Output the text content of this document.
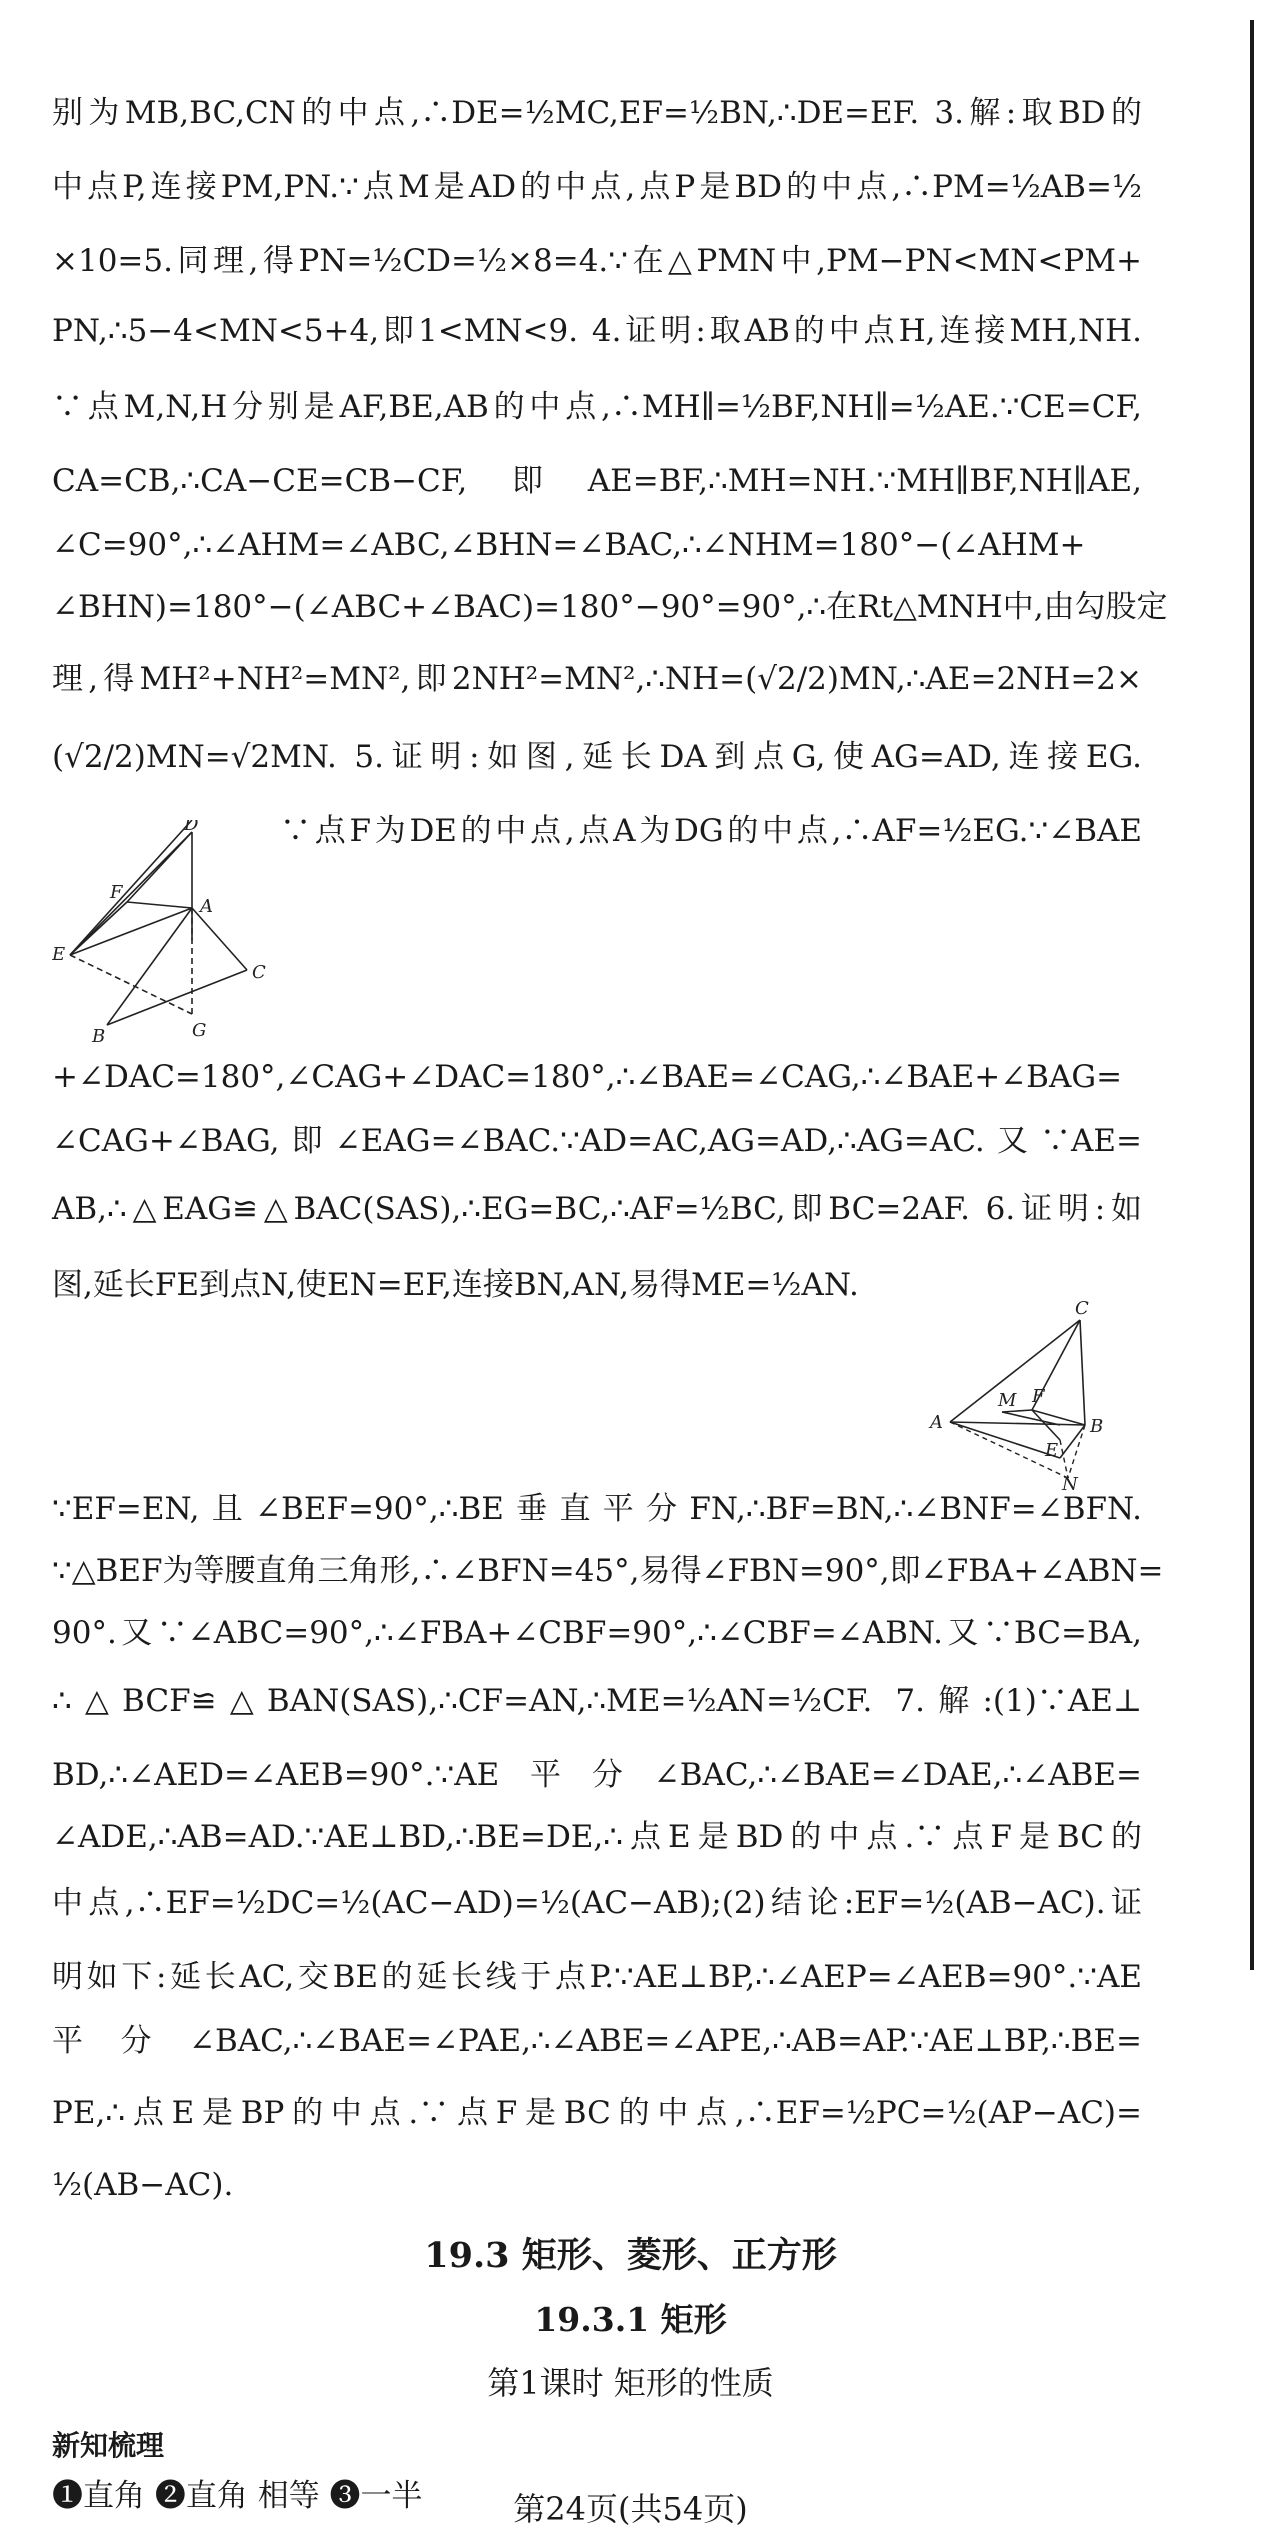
别为MB,BC,CN的中点,∴DE=½MC,EF=½BN,∴DE=EF. 3.解:取BD的
中点P,连接PM,PN.∵点M是AD的中点,点P是BD的中点,∴PM=½AB=½
×10=5.同理,得PN=½CD=½×8=4.∵在△PMN中,PM−PN<MN<PM+
PN,∴5−4<MN<5+4,即1<MN<9. 4.证明:取AB的中点H,连接MH,NH.
∵点M,N,H分别是AF,BE,AB的中点,∴MH∥=½BF,NH∥=½AE.∵CE=CF,
CA=CB,∴CA−CE=CB−CF,即AE=BF,∴MH=NH.∵MH∥BF,NH∥AE,
∠C=90°,∴∠AHM=∠ABC,∠BHN=∠BAC,∴∠NHM=180°−(∠AHM+
∠BHN)=180°−(∠ABC+∠BAC)=180°−90°=90°,∴在Rt△MNH中,由勾股定
理,得MH²+NH²=MN²,即2NH²=MN²,∴NH=(√2/2)MN,∴AE=2NH=2×
(√2/2)MN=√2MN. 5.证明:如图,延长DA到点G,使AG=AD,连接EG.
D
F
A
E
C
B	G
∵点F为DE的中点,点A为DG的中点,∴AF=½EG.∵∠BAE
+∠DAC=180°,∠CAG+∠DAC=180°,∴∠BAE=∠CAG,∴∠BAE+∠BAG=
∠CAG+∠BAG,即∠EAG=∠BAC.∵AD=AC,AG=AD,∴AG=AC.又∵AE=
AB,∴△EAG≌△BAC(SAS),∴EG=BC,∴AF=½BC,即BC=2AF. 6.证明:如
图,延长FE到点N,使EN=EF,连接BN,AN,易得ME=½AN.
C
A
M F
B
E
N
∵EF=EN,且∠BEF=90°,∴BE垂直平分FN,∴BF=BN,∴∠BNF=∠BFN.
∵△BEF为等腰直角三角形,∴∠BFN=45°,易得∠FBN=90°,即∠FBA+∠ABN=
90°.又∵∠ABC=90°,∴∠FBA+∠CBF=90°,∴∠CBF=∠ABN.又∵BC=BA,
∴△BCF≌△BAN(SAS),∴CF=AN,∴ME=½AN=½CF. 7.解:(1)∵AE⊥
BD,∴∠AED=∠AEB=90°.∵AE平分∠BAC,∴∠BAE=∠DAE,∴∠ABE=
∠ADE,∴AB=AD.∵AE⊥BD,∴BE=DE,∴点E是BD的中点.∵点F是BC的
中点,∴EF=½DC=½(AC−AD)=½(AC−AB);(2)结论:EF=½(AB−AC).证
明如下:延长AC,交BE的延长线于点P.∵AE⊥BP,∴∠AEP=∠AEB=90°.∵AE
平分∠BAC,∴∠BAE=∠PAE,∴∠ABE=∠APE,∴AB=AP.∵AE⊥BP,∴BE=
PE,∴点E是BP的中点.∵点F是BC的中点,∴EF=½PC=½(AP−AC)=
½(AB−AC).
19.3 矩形、菱形、正方形
19.3.1 矩形
第1课时 矩形的性质
新知梳理
❶直角 ❷直角 相等 ❸一半	第24页(共54页)
